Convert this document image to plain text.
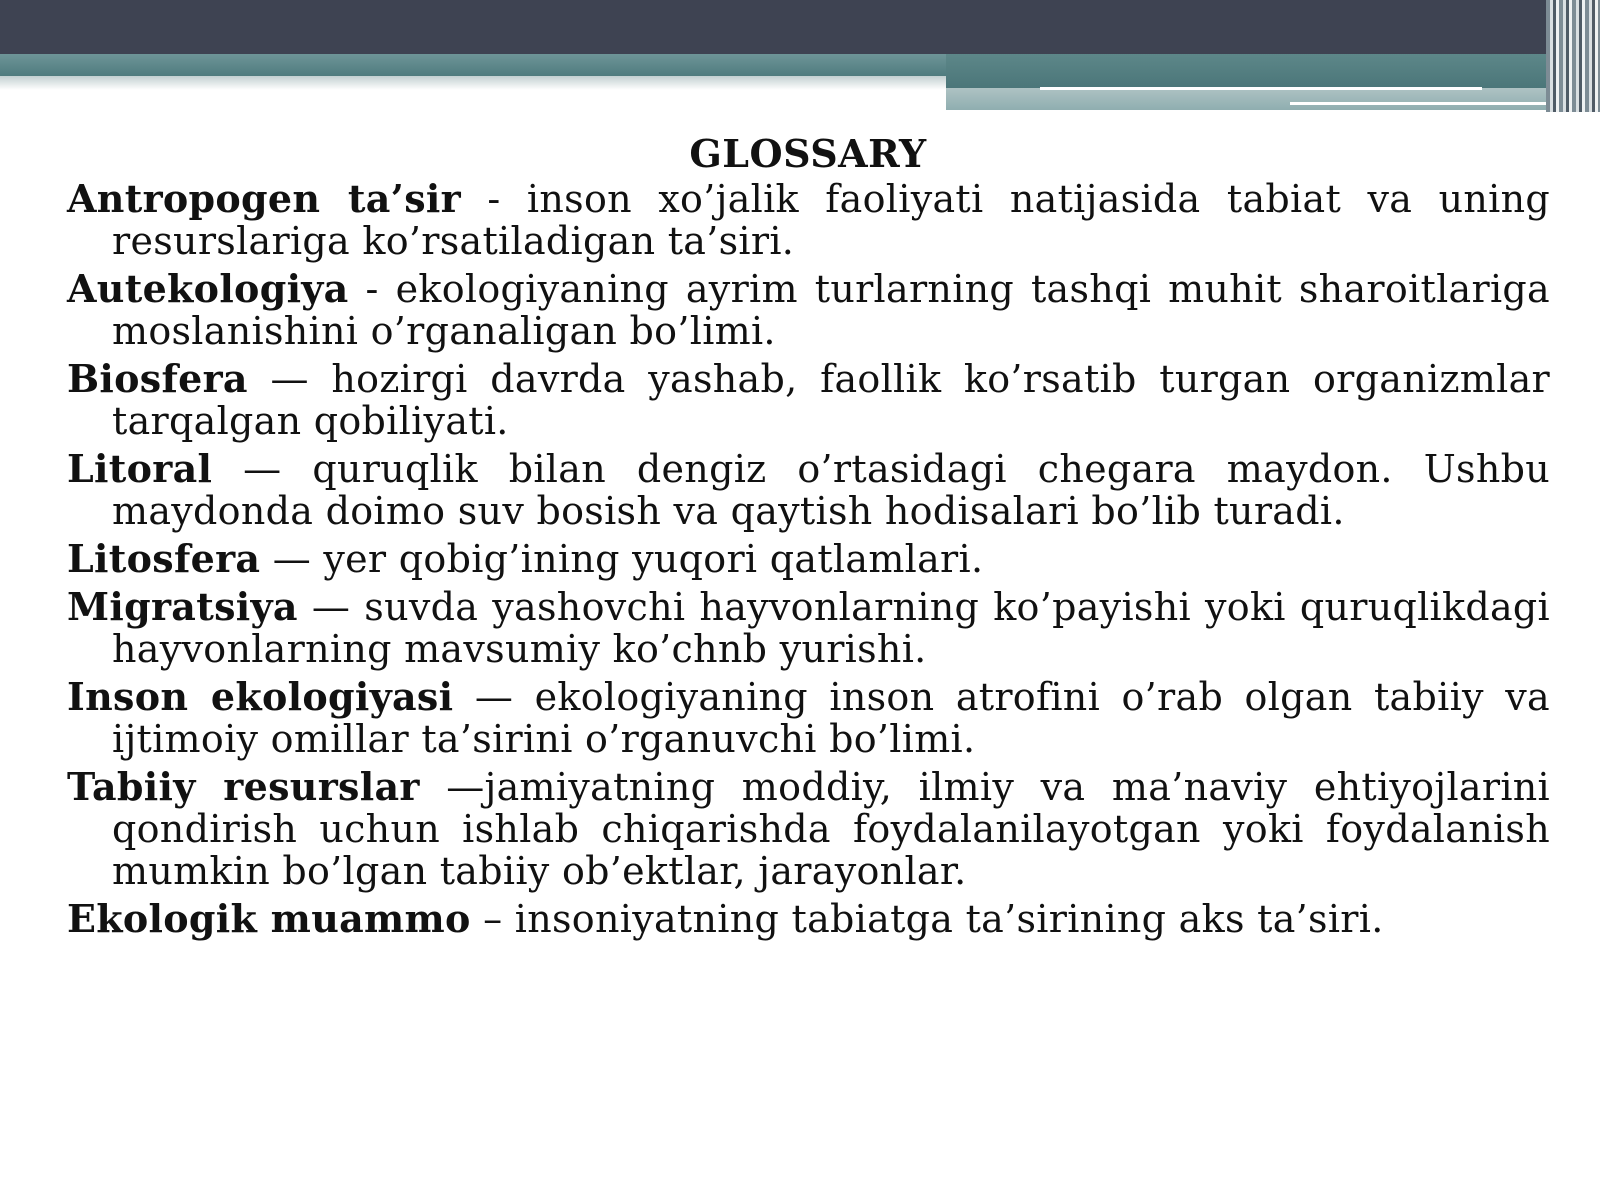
GLOSSARY

Antropogen ta’sir - inson xo’jalik faoliyati natijasida tabiat va uning resurslariga ko’rsatiladigan ta’siri.

Autekologiya - ekologiyaning ayrim turlarning tashqi muhit sharoitlariga moslanishini o’rganaligan bo’limi.

Biosfera — hozirgi davrda yashab, faollik ko’rsatib turgan organizmlar tarqalgan qobiliyati.

Litoral — quruqlik bilan dengiz o’rtasidagi chegara maydon. Ushbu maydonda doimo suv bosish va qaytish hodisalari bo’lib turadi.

Litosfera — yer qobig’ining yuqori qatlamlari.

Migratsiya — suvda yashovchi hayvonlarning ko’payishi yoki quruqlikdagi hayvonlarning mavsumiy ko’chnb yurishi.

Inson ekologiyasi — ekologiyaning inson atrofini o’rab olgan tabiiy va ijtimoiy omillar ta’sirini o’rganuvchi bo’limi.

Tabiiy resurslar —jamiyatning moddiy, ilmiy va ma’naviy ehtiyojlarini qondirish uchun ishlab chiqarishda foydalanilayotgan yoki foydalanish mumkin bo’lgan tabiiy ob’ektlar, jarayonlar.

Ekologik muammo – insoniyatning tabiatga ta’sirining aks ta’siri.
